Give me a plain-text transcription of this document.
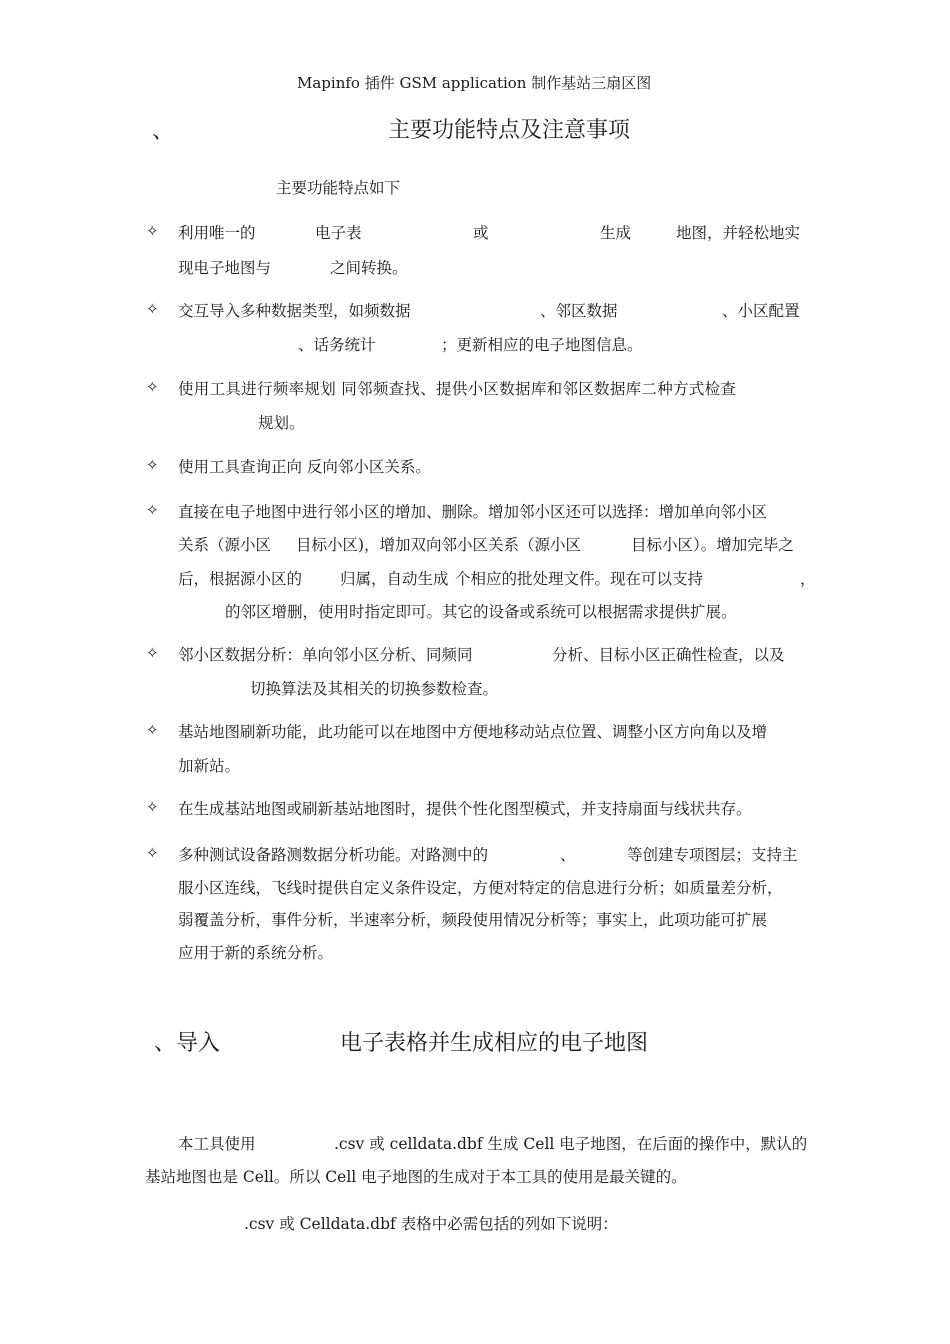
Mapinfo 插件 GSM application 制作基站三扇区图
、	主要功能特点及注意事项
主要功能特点如下
✧ 利用唯一的	电子表	或	生成	地图，并轻松地实
现电子地图与	之间转换。
✧ 交互导入多种数据类型，如频数据	、邻区数据	、小区配置
、话务统计	；更新相应的电子地图信息。
✧ 使用工具进行频率规划 同邻频查找、提供小区数据库和邻区数据库二种方式检查
规划。
✧ 使用工具查询正向 反向邻小区关系。
✧ 直接在电子地图中进行邻小区的增加、删除。增加邻小区还可以选择：增加单向邻小区
关系（源小区 目标小区)，增加双向邻小区关系（源小区	目标小区）。增加完毕之
后，根据源小区的 归属，自动生成 个相应的批处理文件。现在可以支持	，
的邻区增删，使用时指定即可。其它的设备或系统可以根据需求提供扩展。
✧ 邻小区数据分析：单向邻小区分析、同频同	分析、目标小区正确性检查，以及
切换算法及其相关的切换参数检查。
✧ 基站地图刷新功能，此功能可以在地图中方便地移动站点位置、调整小区方向角以及增
加新站。
✧ 在生成基站地图或刷新基站地图时，提供个性化图型模式，并支持扇面与线状共存。
✧ 多种测试设备路测数据分析功能。对路测中的	、	等创建专项图层；支持主
服小区连线，飞线时提供自定义条件设定，方便对特定的信息进行分析；如质量差分析，
弱覆盖分析，事件分析，半速率分析，频段使用情况分析等；事实上，此项功能可扩展
应用于新的系统分析。
、导入	电子表格并生成相应的电子地图
本工具使用	.csv 或 celldata.dbf 生成 Cell 电子地图，在后面的操作中，默认的
基站地图也是 Cell。所以 Cell 电子地图的生成对于本工具的使用是最关键的。
.csv 或 Celldata.dbf 表格中必需包括的列如下说明：
